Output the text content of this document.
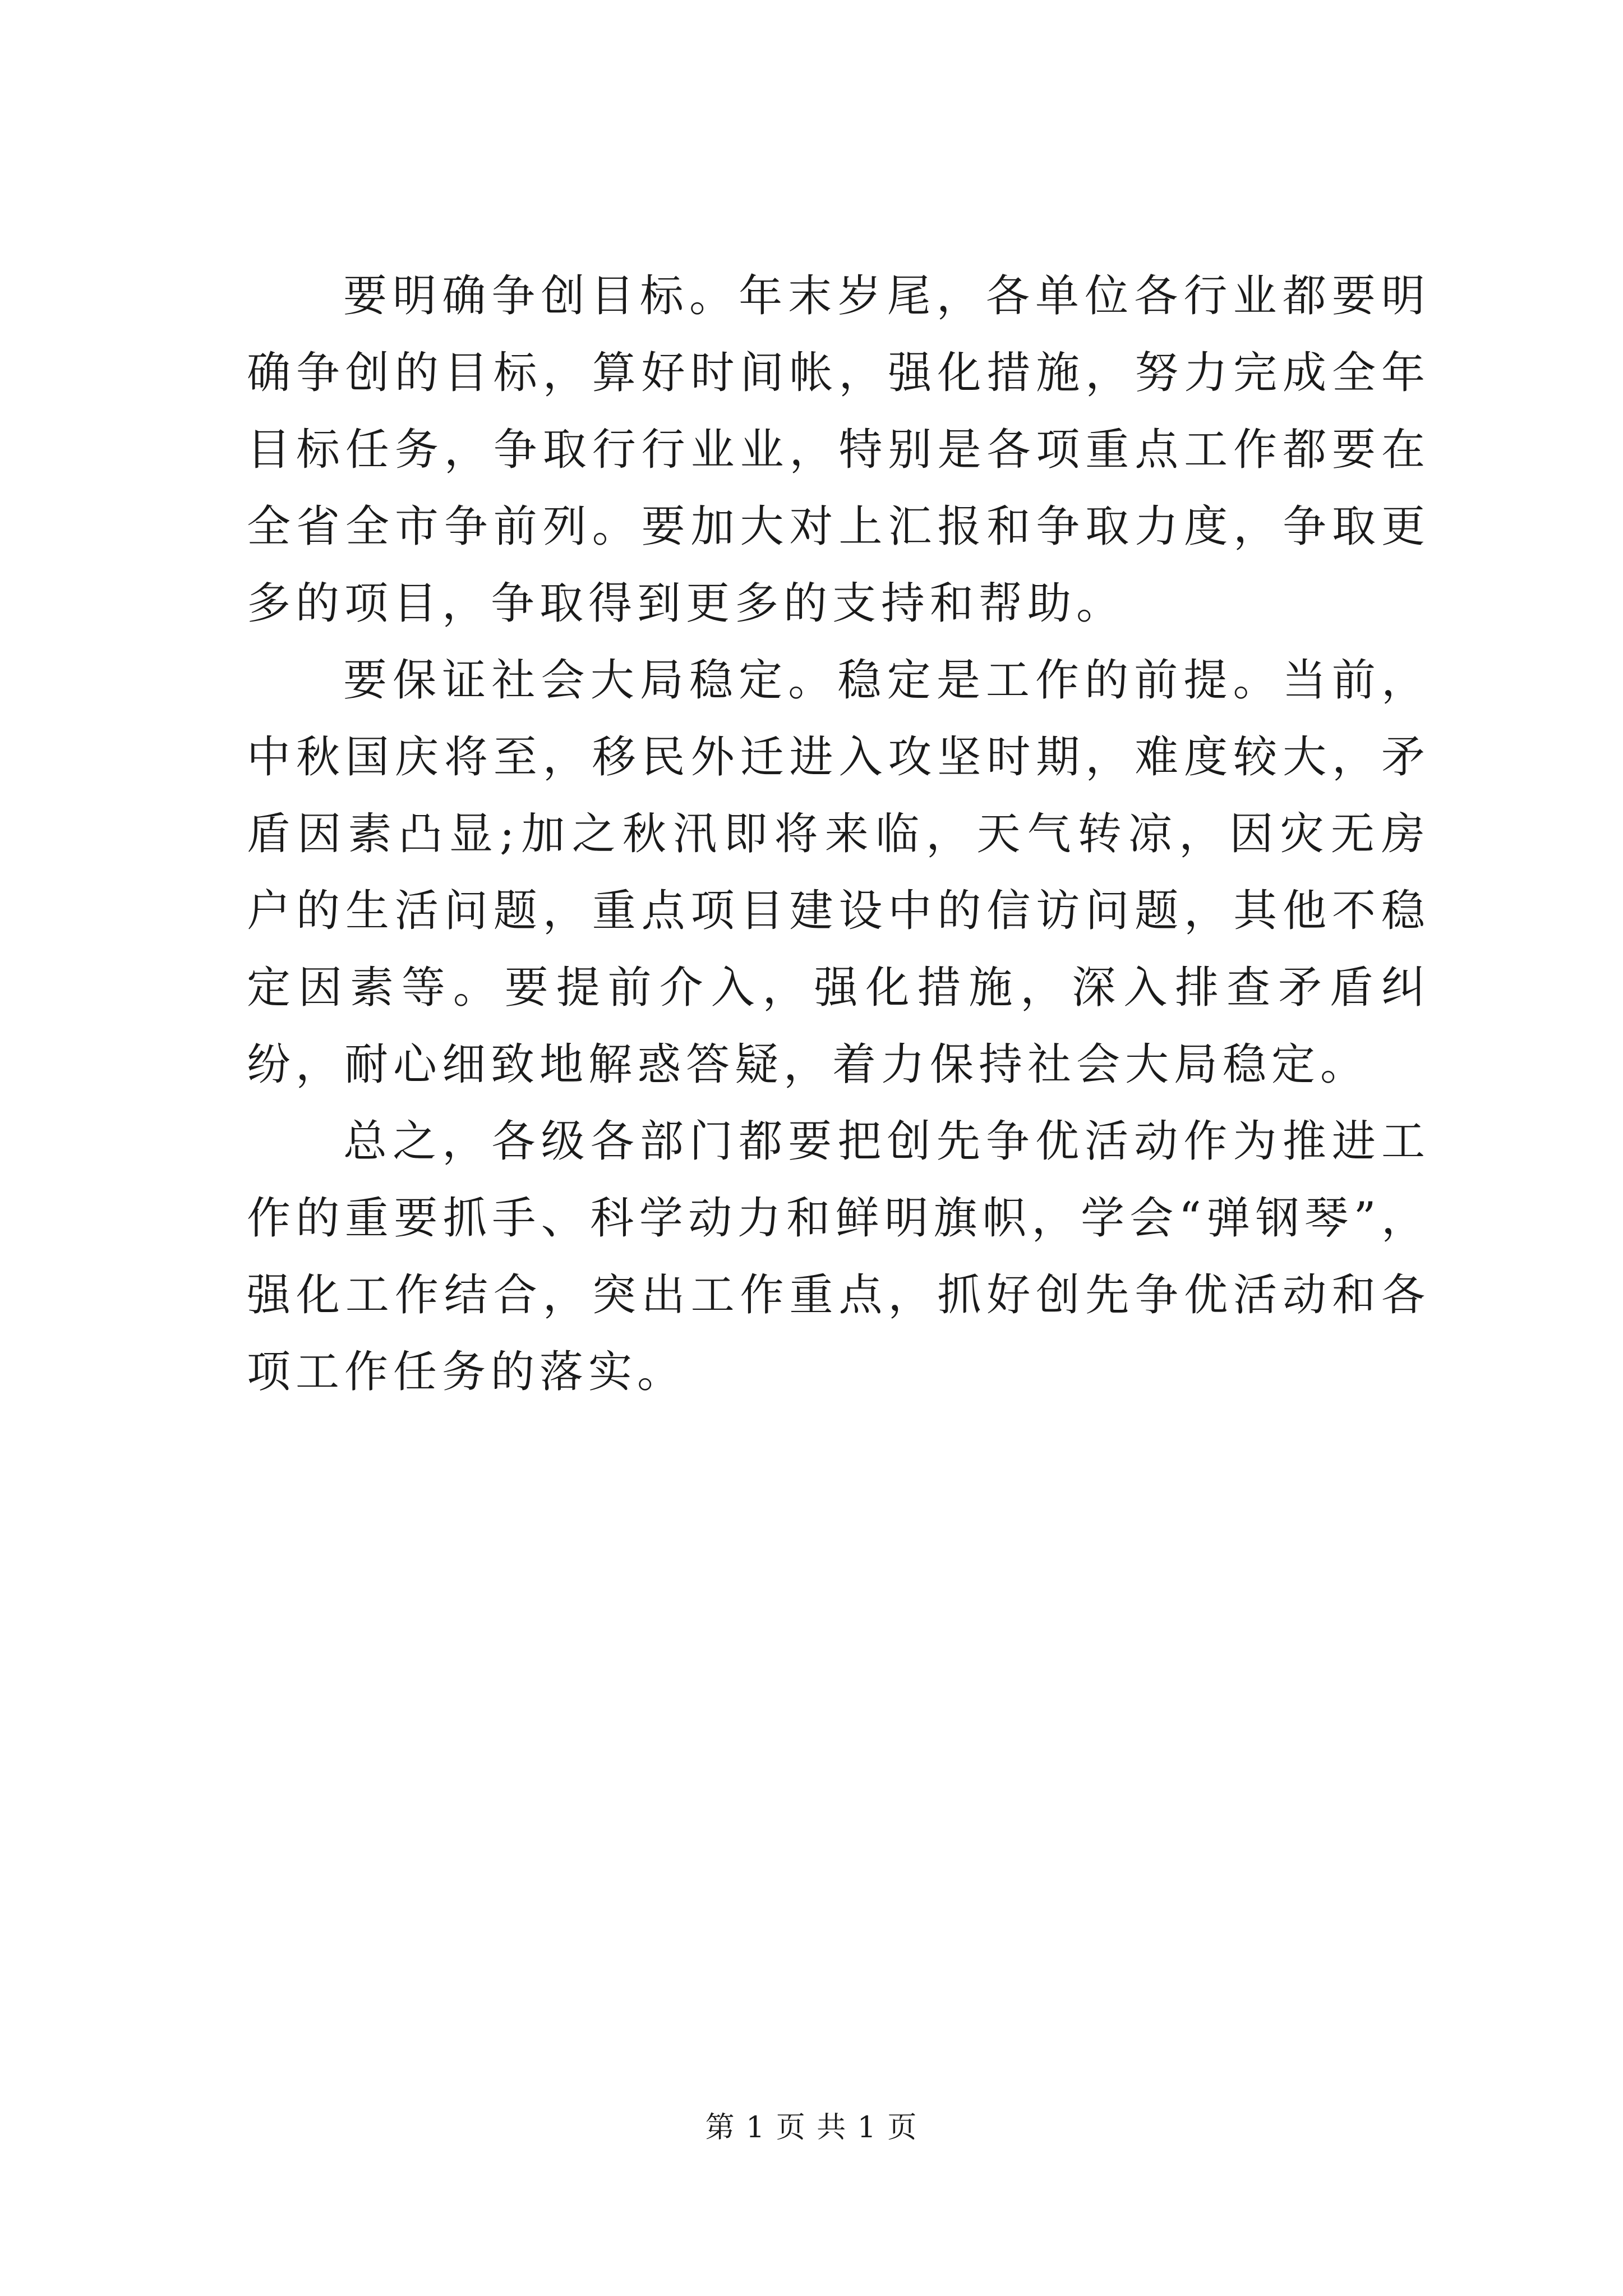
要明确争创目标。年末岁尾，各单位各行业都要明确争创的目标，算好时间帐，强化措施，努力完成全年目标任务，争取行行业业，特别是各项重点工作都要在全省全市争前列。要加大对上汇报和争取力度，争取更多的项目，争取得到更多的支持和帮助。

要保证社会大局稳定。稳定是工作的前提。当前，中秋国庆将至，移民外迁进入攻坚时期，难度较大，矛盾因素凸显;加之秋汛即将来临，天气转凉，因灾无房户的生活问题，重点项目建设中的信访问题，其他不稳定因素等。要提前介入，强化措施，深入排查矛盾纠纷，耐心细致地解惑答疑，着力保持社会大局稳定。

总之，各级各部门都要把创先争优活动作为推进工作的重要抓手、科学动力和鲜明旗帜，学会“弹钢琴”，强化工作结合，突出工作重点，抓好创先争优活动和各项工作任务的落实。

第 1 页 共 1 页
